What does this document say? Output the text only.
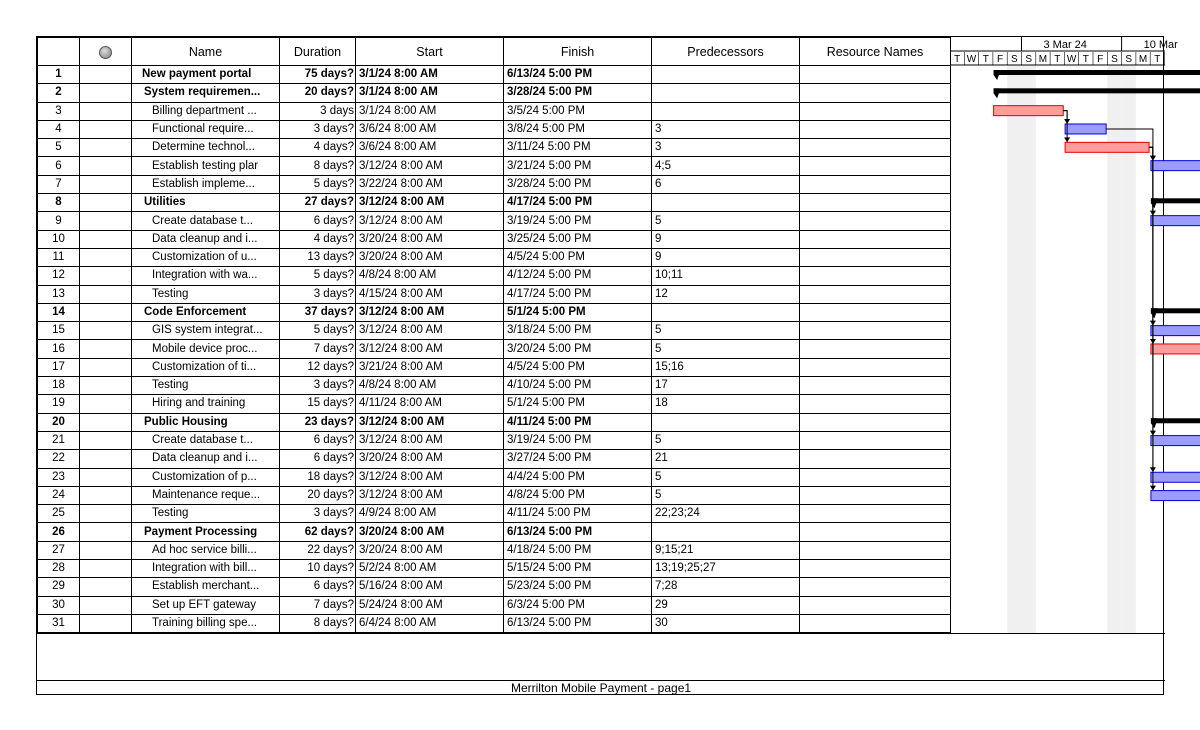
		Name	Duration	Start	Finish	Predecessors	Resource Names
1		New payment portal	75 days?	3/1/24 8:00 AM	6/13/24 5:00 PM		
2		System requiremen...	20 days?	3/1/24 8:00 AM	3/28/24 5:00 PM		
3		Billing department ...	3 days	3/1/24 8:00 AM	3/5/24 5:00 PM		
4		Functional require...	3 days?	3/6/24 8:00 AM	3/8/24 5:00 PM	3	
5		Determine technol...	4 days?	3/6/24 8:00 AM	3/11/24 5:00 PM	3	
6		Establish testing plar	8 days?	3/12/24 8:00 AM	3/21/24 5:00 PM	4;5	
7		Establish impleme...	5 days?	3/22/24 8:00 AM	3/28/24 5:00 PM	6	
8		Utilities	27 days?	3/12/24 8:00 AM	4/17/24 5:00 PM		
9		Create database t...	6 days?	3/12/24 8:00 AM	3/19/24 5:00 PM	5	
10		Data cleanup and i...	4 days?	3/20/24 8:00 AM	3/25/24 5:00 PM	9	
11		Customization of u...	13 days?	3/20/24 8:00 AM	4/5/24 5:00 PM	9	
12		Integration with wa...	5 days?	4/8/24 8:00 AM	4/12/24 5:00 PM	10;11	
13		Testing	3 days?	4/15/24 8:00 AM	4/17/24 5:00 PM	12	
14		Code Enforcement	37 days?	3/12/24 8:00 AM	5/1/24 5:00 PM		
15		GIS system integrat...	5 days?	3/12/24 8:00 AM	3/18/24 5:00 PM	5	
16		Mobile device proc...	7 days?	3/12/24 8:00 AM	3/20/24 5:00 PM	5	
17		Customization of ti...	12 days?	3/21/24 8:00 AM	4/5/24 5:00 PM	15;16	
18		Testing	3 days?	4/8/24 8:00 AM	4/10/24 5:00 PM	17	
19		Hiring and training	15 days?	4/11/24 8:00 AM	5/1/24 5:00 PM	18	
20		Public Housing	23 days?	3/12/24 8:00 AM	4/11/24 5:00 PM		
21		Create database t...	6 days?	3/12/24 8:00 AM	3/19/24 5:00 PM	5	
22		Data cleanup and i...	6 days?	3/20/24 8:00 AM	3/27/24 5:00 PM	21	
23		Customization of p...	18 days?	3/12/24 8:00 AM	4/4/24 5:00 PM	5	
24		Maintenance reque...	20 days?	3/12/24 8:00 AM	4/8/24 5:00 PM	5	
25		Testing	3 days?	4/9/24 8:00 AM	4/11/24 5:00 PM	22;23;24	
26		Payment Processing	62 days?	3/20/24 8:00 AM	6/13/24 5:00 PM		
27		Ad hoc service billi...	22 days?	3/20/24 8:00 AM	4/18/24 5:00 PM	9;15;21	
28		Integration with bill...	10 days?	5/2/24 8:00 AM	5/15/24 5:00 PM	13;19;25;27	
29		Establish merchant...	6 days?	5/16/24 8:00 AM	5/23/24 5:00 PM	7;28	
30		Set up EFT gateway	7 days?	5/24/24 8:00 AM	6/3/24 5:00 PM	29	
31		Training billing spe...	8 days?	6/4/24 8:00 AM	6/13/24 5:00 PM	30	
3 Mar 24	10 Mar
T W T F S S M T W T F S S M T
Merrilton Mobile Payment - page1
